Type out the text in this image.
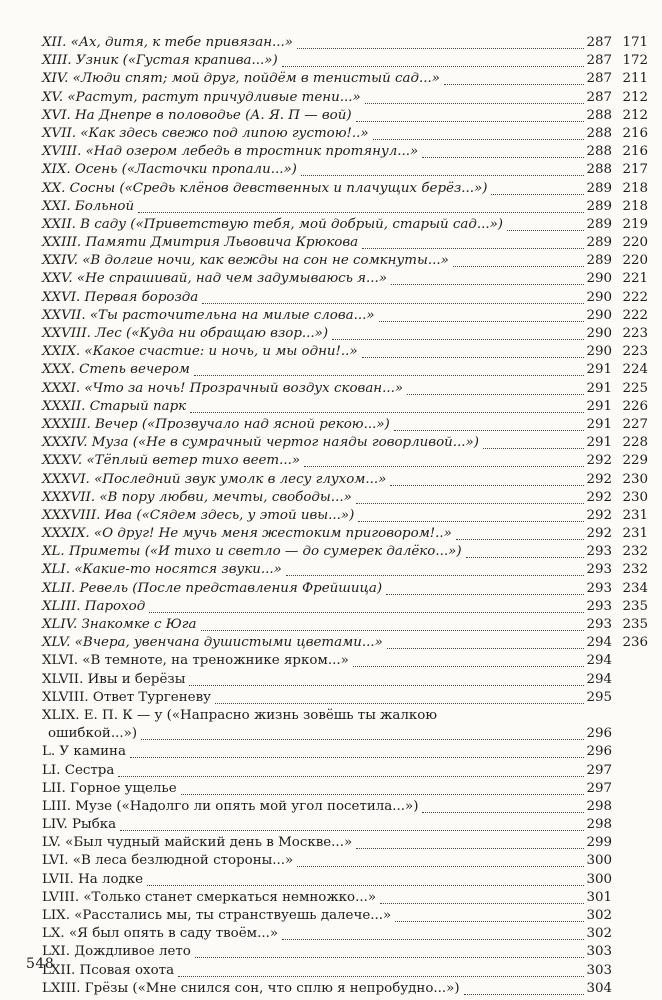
XII. «Ах, дитя, к тебе привязан...»	287 171
XIII. Узник («Густая крапива...»)	287 172
XIV. «Люди спят; мой друг, пойдём в тенистый сад...»	287 211
XV. «Растут, растут причудливые тени...»	287 212
XVI. На Днепре в половодье (А. Я. П — вой)	288 212
XVII. «Как здесь свежо под липою густою!..»	288 216
XVIII. «Над озером лебедь в тростник протянул...»	288 216
XIX. Осень («Ласточки пропали...»)	288 217
XX. Сосны («Средь клёнов девственных и плачущих берёз...»)	289 218
XXI. Больной	289 218
XXII. В саду («Приветствую тебя, мой добрый, старый сад...»)	289 219
XXIII. Памяти Дмитрия Львовича Крюкова	289 220
XXIV. «В долгие ночи, как вежды на сон не сомкнуты...»	289 220
XXV. «Не спрашивай, над чем задумываюсь я...»	290 221
XXVI. Первая борозда	290 222
XXVII. «Ты расточительна на милые слова...»	290 222
XXVIII. Лес («Куда ни обращаю взор...»)	290 223
XXIX. «Какое счастие: и ночь, и мы одни!..»	290 223
XXX. Степь вечером	291 224
XXXI. «Что за ночь! Прозрачный воздух скован...»	291 225
XXXII. Старый парк	291 226
XXXIII. Вечер («Прозвучало над ясной рекою...»)	291 227
XXXIV. Муза («Не в сумрачный чертог наяды говорливой...»)	291 228
XXXV. «Тёплый ветер тихо веет...»	292 229
XXXVI. «Последний звук умолк в лесу глухом...»	292 230
XXXVII. «В пору любви, мечты, свободы...»	292 230
XXXVIII. Ива («Сядем здесь, у этой ивы...»)	292 231
XXXIX. «О друг! Не мучь меня жестоким приговором!..»	292 231
XL. Приметы («И тихо и светло — до сумерек далёко...»)	293 232
XLI. «Какие-то носятся звуки...»	293 232
XLII. Ревель (После представления Фрейшица)	293 234
XLIII. Пароход	293 235
XLIV. Знакомке с Юга	293 235
XLV. «Вчера, увенчана душистыми цветами...»	294 236
XLVI. «В темноте, на треножнике ярком...»	294
XLVII. Ивы и берёзы	294
XLVIII. Ответ Тургеневу	295
XLIX. Е. П. К — у («Напрасно жизнь зовёшь ты жалкою
ошибкой...»)	296
L. У камина	296
LI. Сестра	297
LII. Горное ущелье	297
LIII. Музе («Надолго ли опять мой угол посетила...»)	298
LIV. Рыбка	298
LV. «Был чудный майский день в Москве...»	299
LVI. «В леса безлюдной стороны...»	300
LVII. На лодке	300
LVIII. «Только станет смеркаться немножко...»	301
LIX. «Расстались мы, ты странствуешь далече...»	302
LX. «Я был опять в саду твоём...»	302
LXI. Дождливое лето	303
LXII. Псовая охота	303
LXIII. Грёзы («Мне снился сон, что сплю я непробудно...»)	304
548
